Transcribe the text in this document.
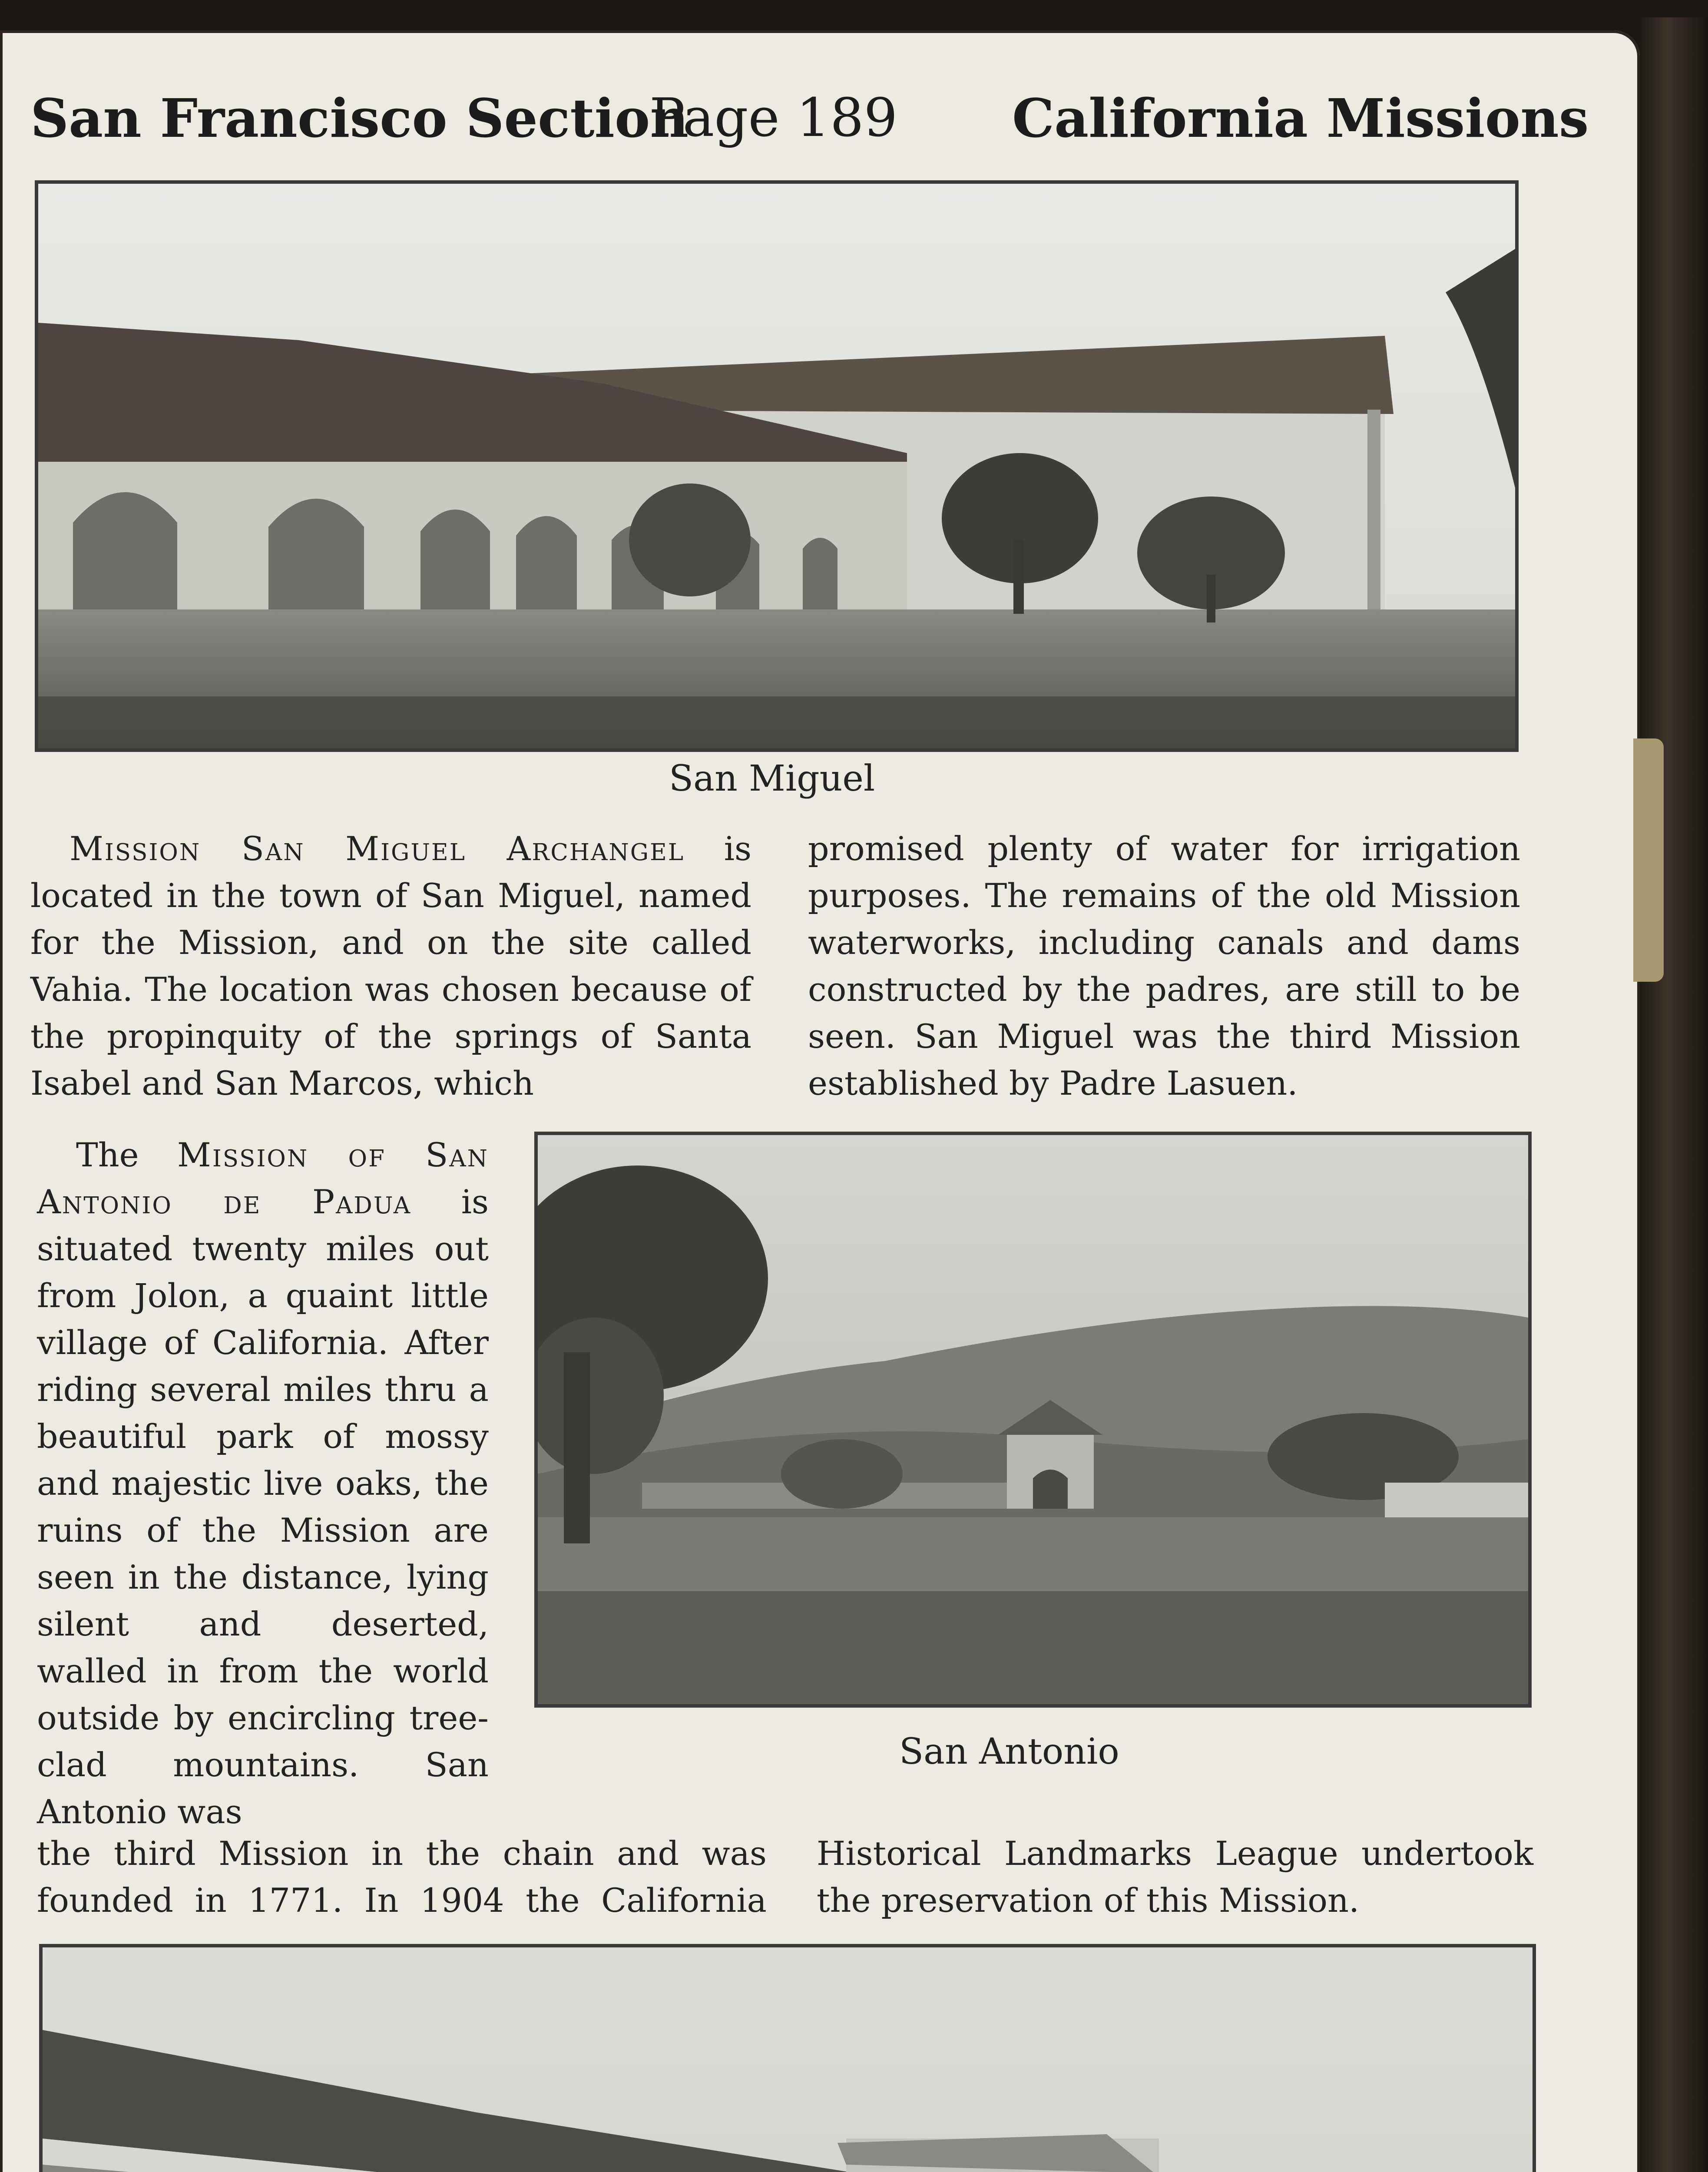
San Francisco Section
Page 189 California Missions
San Miguel

Mission San Miguel Archangel is located in the town of San Miguel, named for the Mission, and on the site called Vahia. The location was chosen because of the propinquity of the springs of Santa Isabel and San Marcos, which

promised plenty of water for irrigation purposes. The remains of the old Mission waterworks, including canals and dams constructed by the padres, are still to be seen. San Miguel was the third Mission established by Padre Lasuen.

The Mission of San Antonio de Padua is situated twenty miles out from Jolon, a quaint little village of California. After riding several miles thru a beautiful park of mossy and majestic live oaks, the ruins of the Mission are seen in the distance, lying silent and deserted, walled in from the world outside by encircling tree-clad mountains. San Antonio was

the third Mission in the chain and was

founded in 1771. In 1904 the California

San Antonio

Historical Landmarks League undertook the preservation of this Mission.
